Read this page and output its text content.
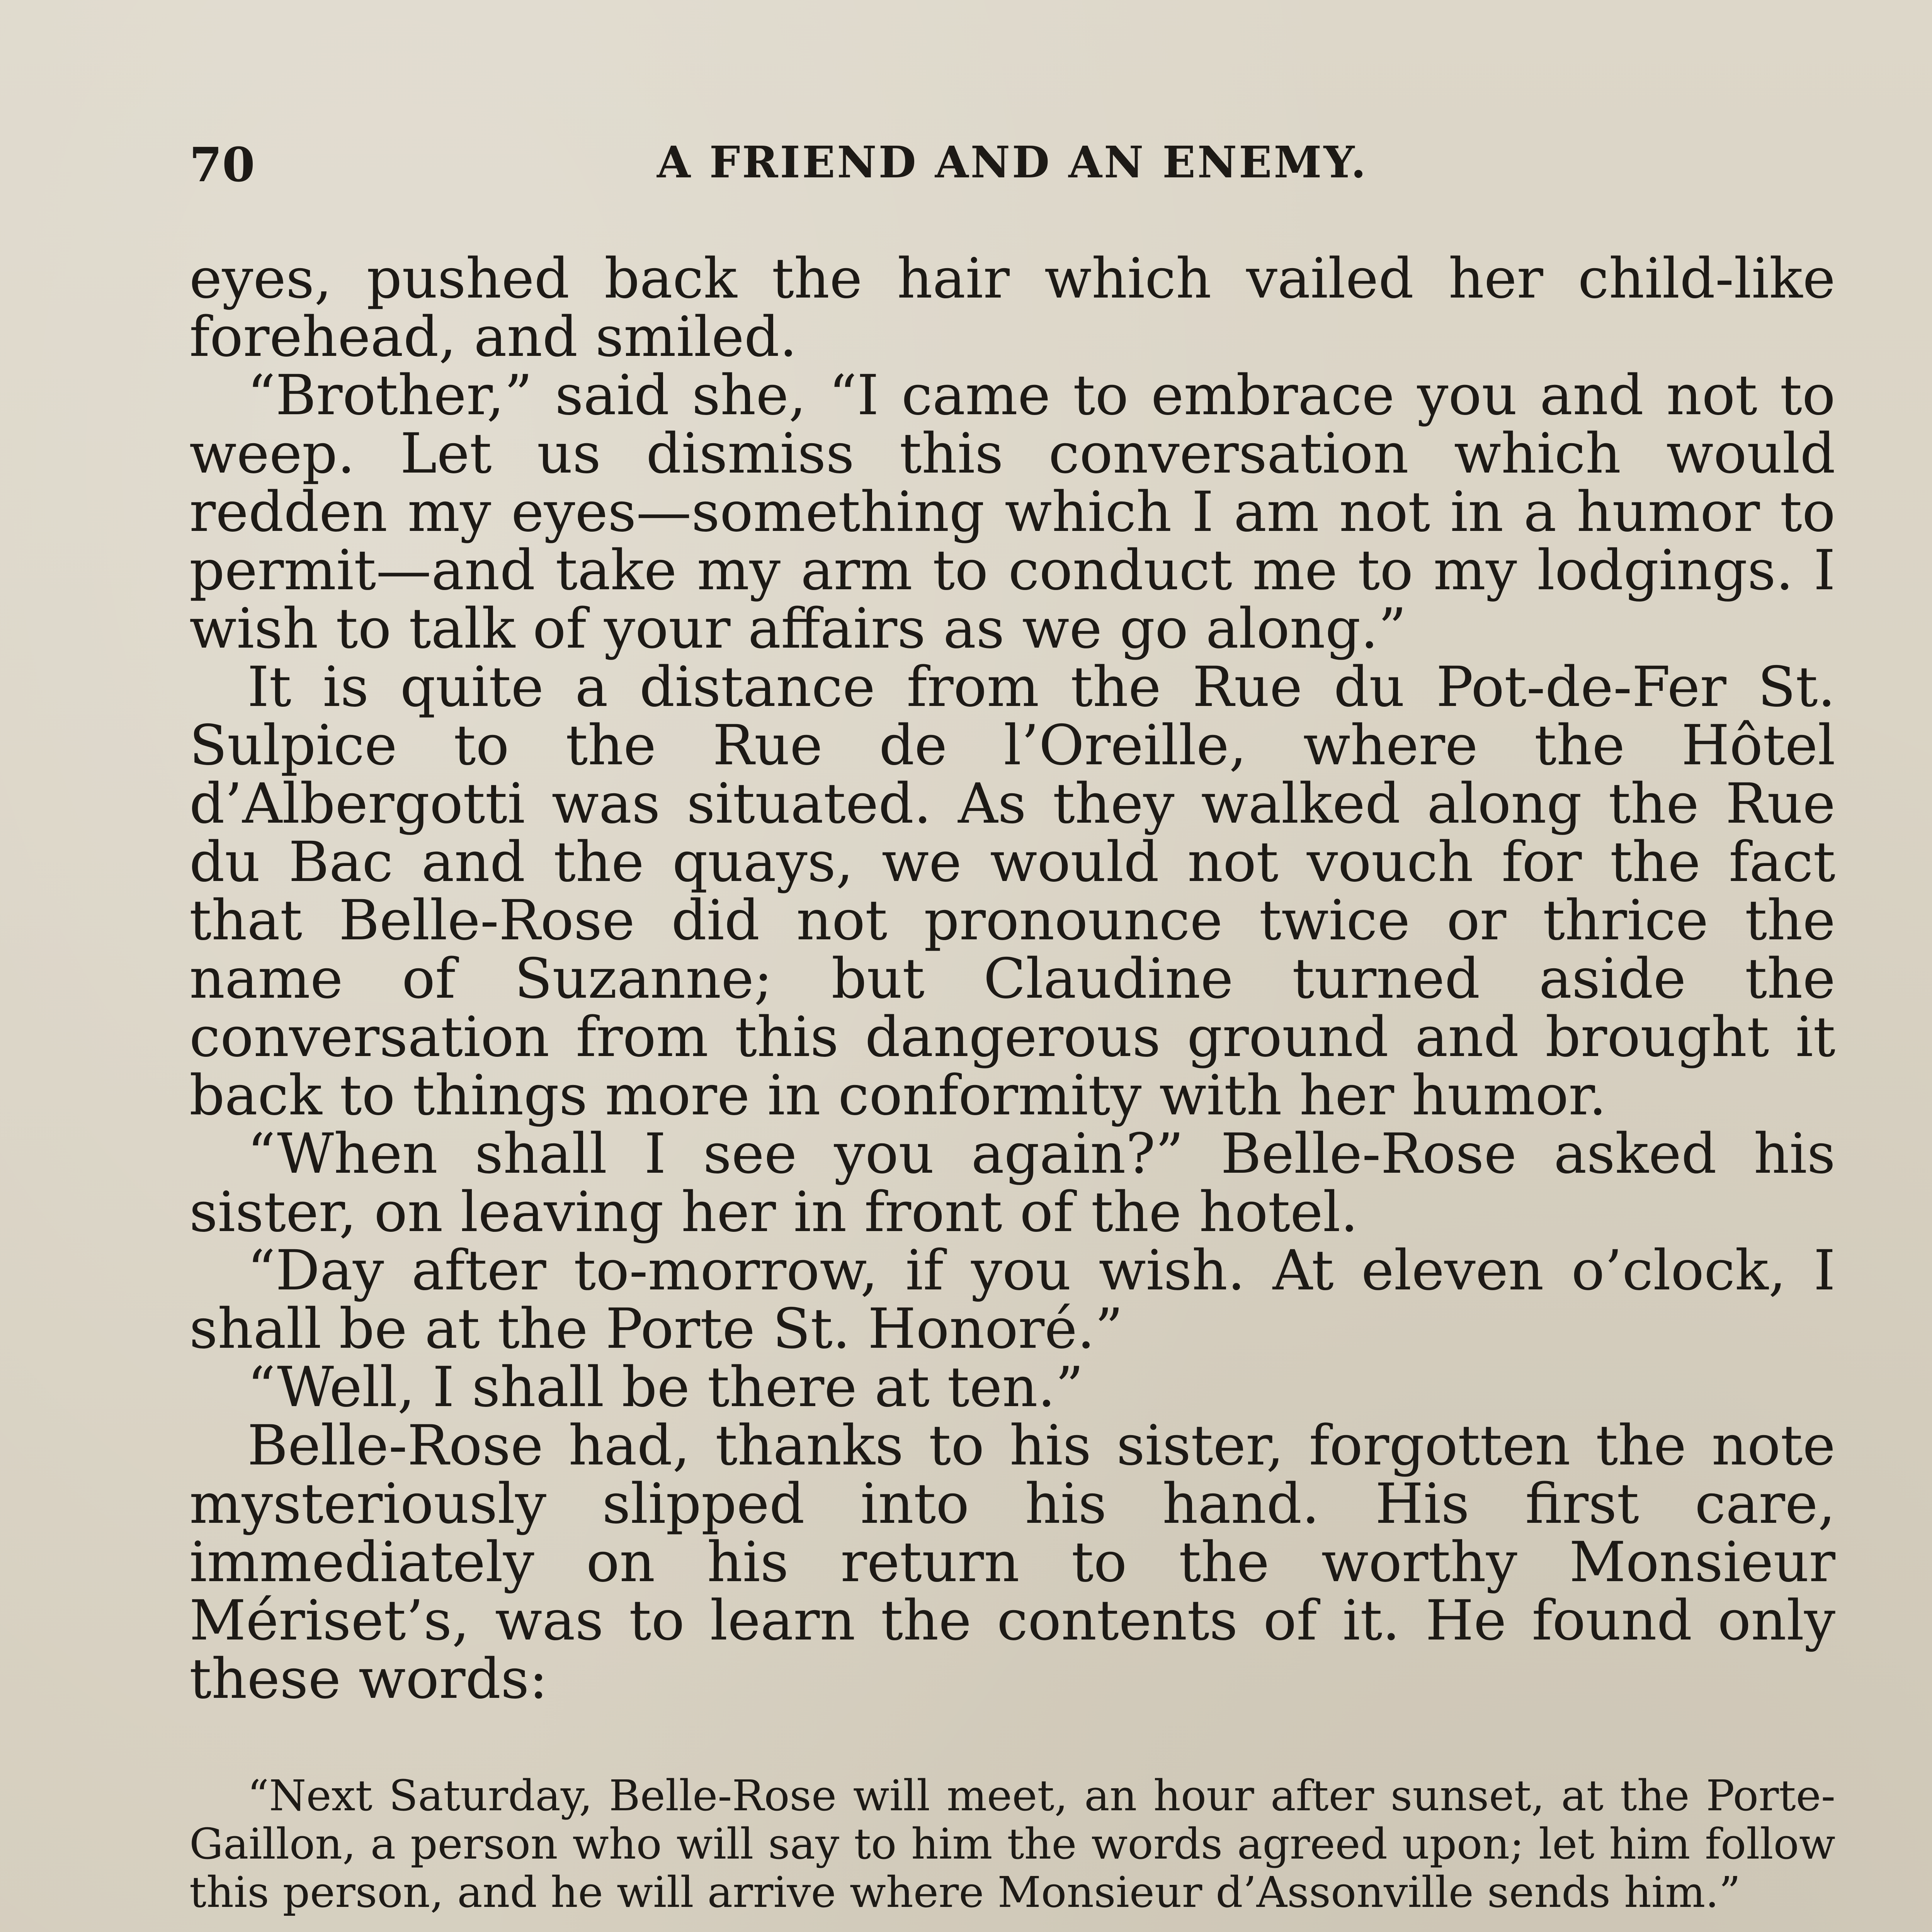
70	A FRIEND AND AN ENEMY.

eyes, pushed back the hair which vailed her child-like forehead, and smiled.

“Brother,” said she, “I came to embrace you and not to weep. Let us dismiss this conversation which would redden my eyes—something which I am not in a humor to permit—and take my arm to conduct me to my lodgings. I wish to talk of your affairs as we go along.”

It is quite a distance from the Rue du Pot-de-Fer St. Sulpice to the Rue de l’Oreille, where the Hôtel d’Albergotti was situated. As they walked along the Rue du Bac and the quays, we would not vouch for the fact that Belle-Rose did not pronounce twice or thrice the name of Suzanne; but Claudine turned aside the conversation from this dangerous ground and brought it back to things more in conformity with her humor.

“When shall I see you again?” Belle-Rose asked his sister, on leaving her in front of the hotel.

“Day after to-morrow, if you wish. At eleven o’clock, I shall be at the Porte St. Honoré.”

“Well, I shall be there at ten.”

Belle-Rose had, thanks to his sister, forgotten the note mysteriously slipped into his hand. His first care, immediately on his return to the worthy Monsieur Mériset’s, was to learn the contents of it. He found only these words:

“Next Saturday, Belle-Rose will meet, an hour after sunset, at the Porte-Gaillon, a person who will say to him the words agreed upon; let him follow this person, and he will arrive where Monsieur d’Assonville sends him.”
